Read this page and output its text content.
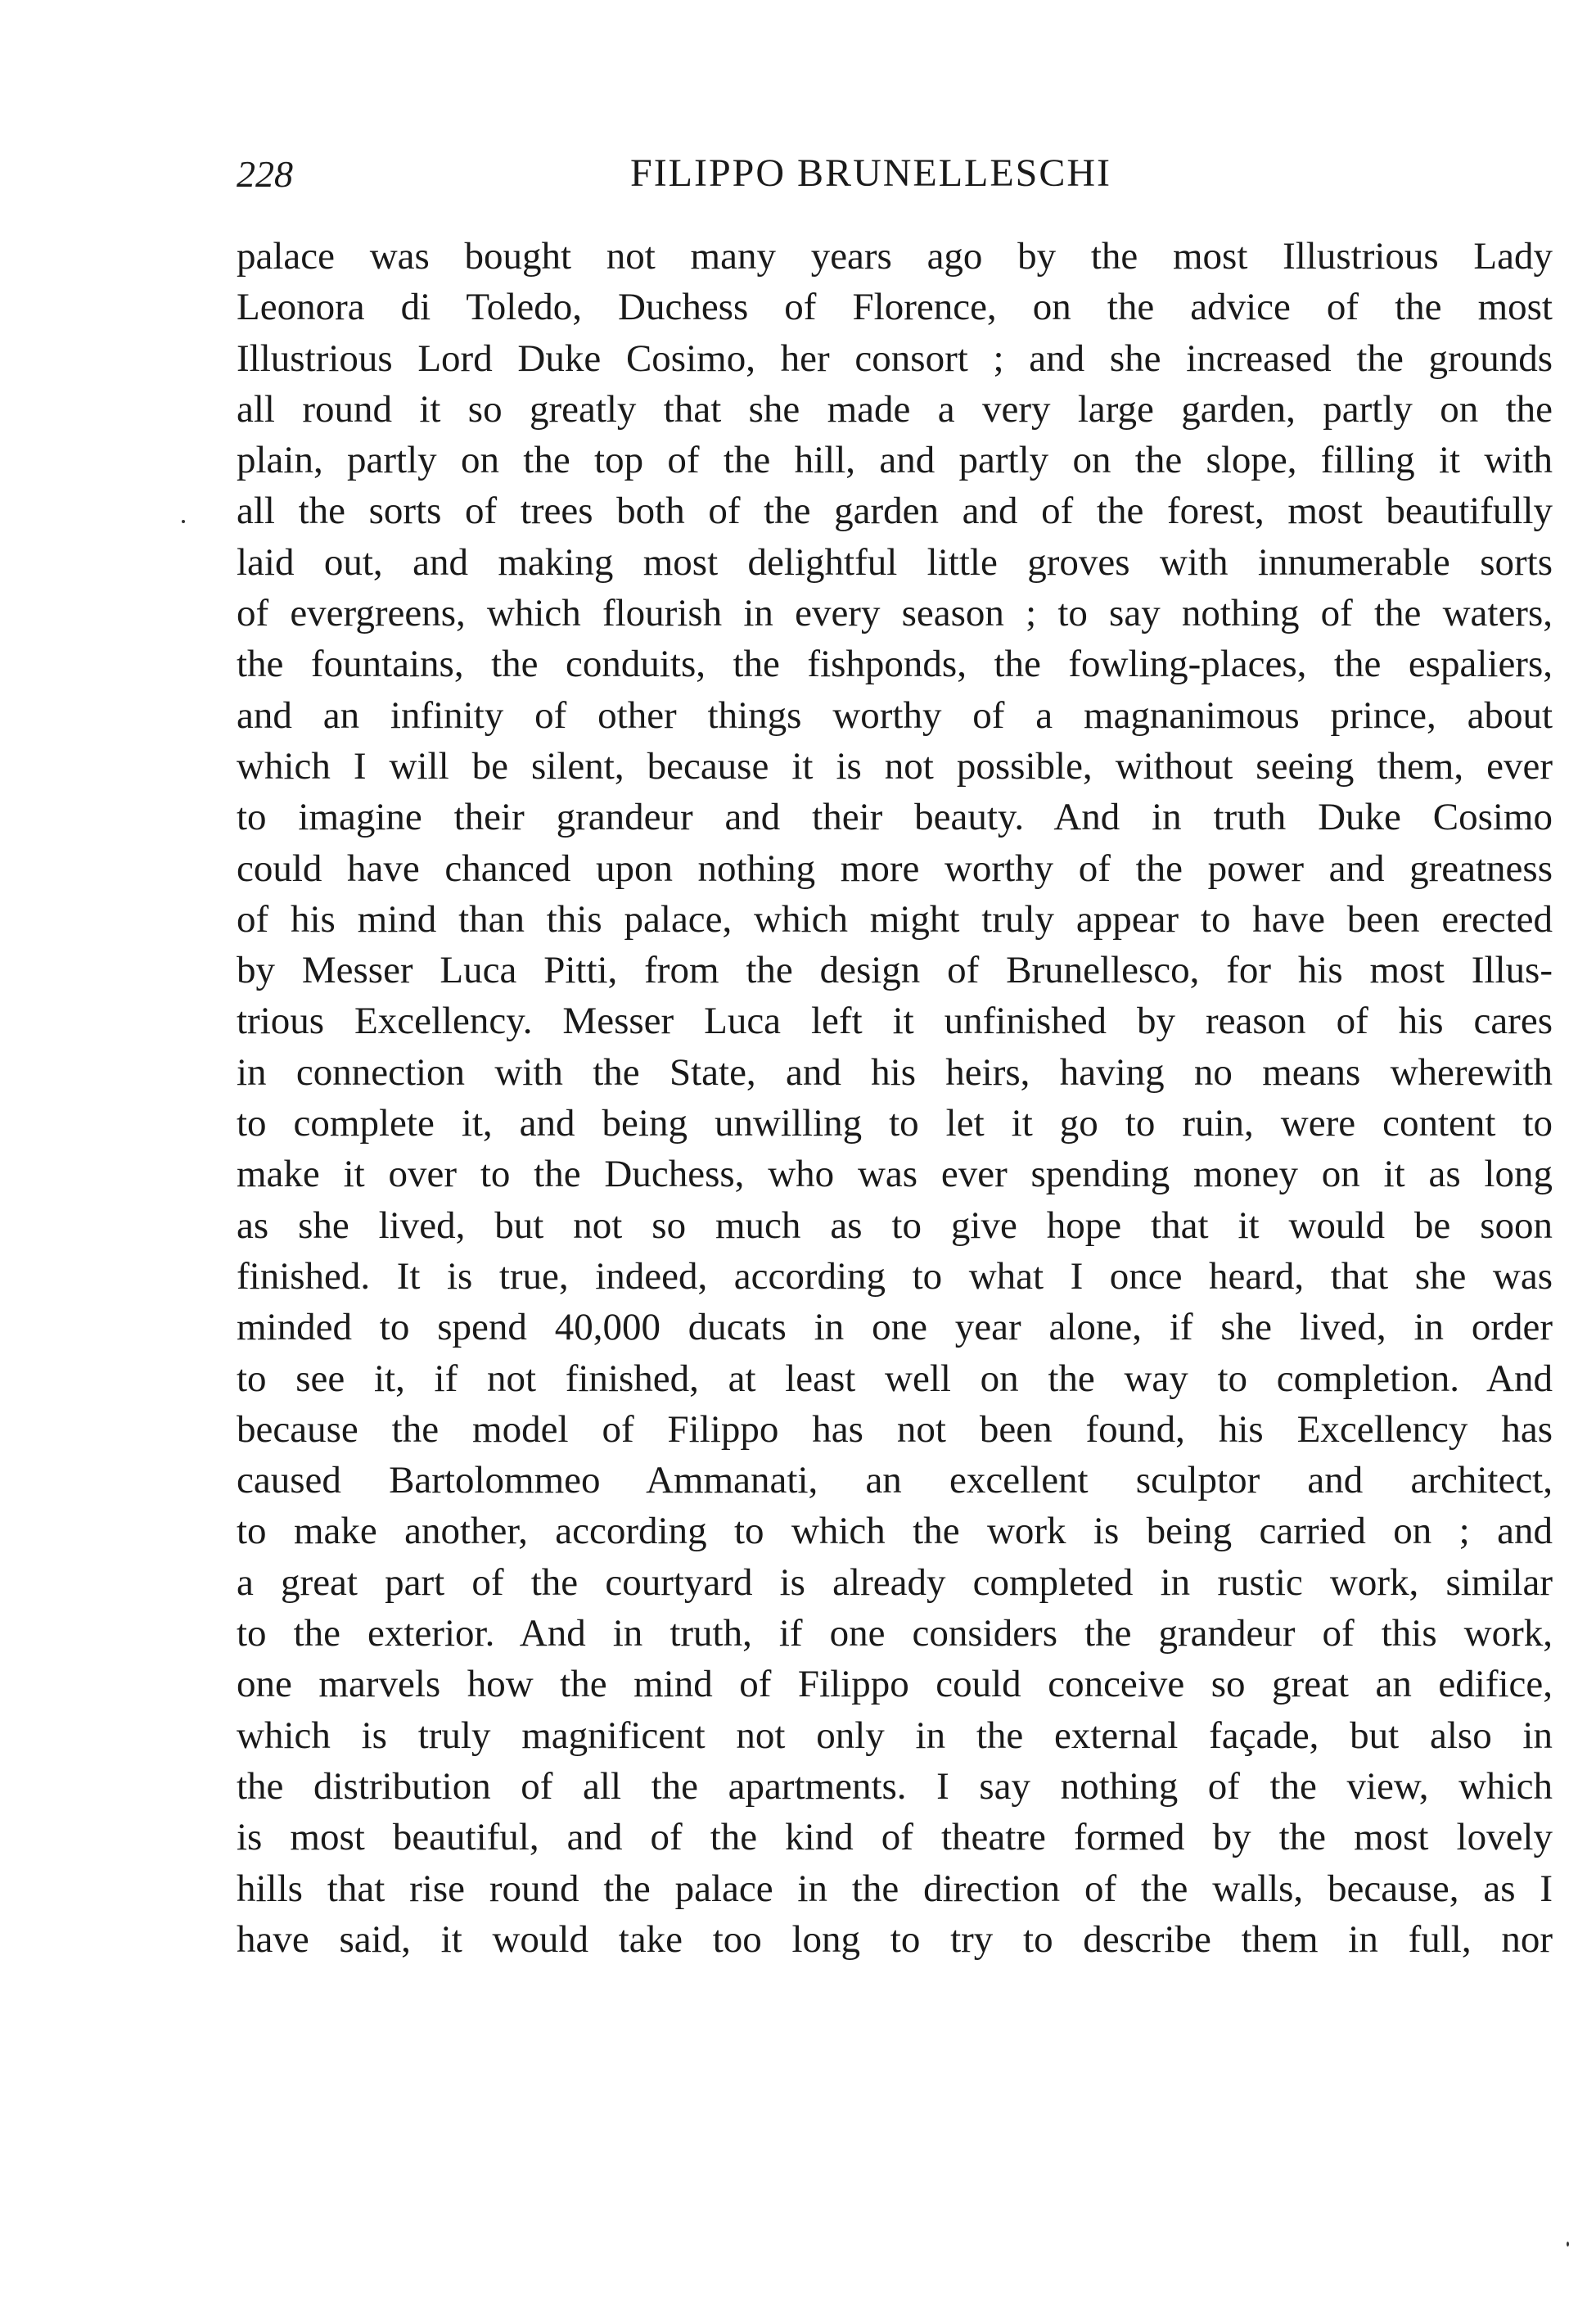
228	FILIPPO BRUNELLESCHI
palace was bought not many years ago by the most Illustrious Lady
Leonora di Toledo, Duchess of Florence, on the advice of the most
Illustrious Lord Duke Cosimo, her consort ; and she increased the grounds
all round it so greatly that she made a very large garden, partly on the
plain, partly on the top of the hill, and partly on the slope, filling it with
all the sorts of trees both of the garden and of the forest, most beautifully
laid out, and making most delightful little groves with innumerable sorts
of evergreens, which flourish in every season ; to say nothing of the waters,
the fountains, the conduits, the fishponds, the fowling-places, the espaliers,
and an infinity of other things worthy of a magnanimous prince, about
which I will be silent, because it is not possible, without seeing them, ever
to imagine their grandeur and their beauty. And in truth Duke Cosimo
could have chanced upon nothing more worthy of the power and greatness
of his mind than this palace, which might truly appear to have been erected
by Messer Luca Pitti, from the design of Brunellesco, for his most Illus-
trious Excellency. Messer Luca left it unfinished by reason of his cares
in connection with the State, and his heirs, having no means wherewith
to complete it, and being unwilling to let it go to ruin, were content to
make it over to the Duchess, who was ever spending money on it as long
as she lived, but not so much as to give hope that it would be soon
finished. It is true, indeed, according to what I once heard, that she was
minded to spend 40,000 ducats in one year alone, if she lived, in order
to see it, if not finished, at least well on the way to completion. And
because the model of Filippo has not been found, his Excellency has
caused Bartolommeo Ammanati, an excellent sculptor and architect,
to make another, according to which the work is being carried on ; and
a great part of the courtyard is already completed in rustic work, similar
to the exterior. And in truth, if one considers the grandeur of this work,
one marvels how the mind of Filippo could conceive so great an edifice,
which is truly magnificent not only in the external façade, but also in
the distribution of all the apartments. I say nothing of the view, which
is most beautiful, and of the kind of theatre formed by the most lovely
hills that rise round the palace in the direction of the walls, because, as I
have said, it would take too long to try to describe them in full, nor
